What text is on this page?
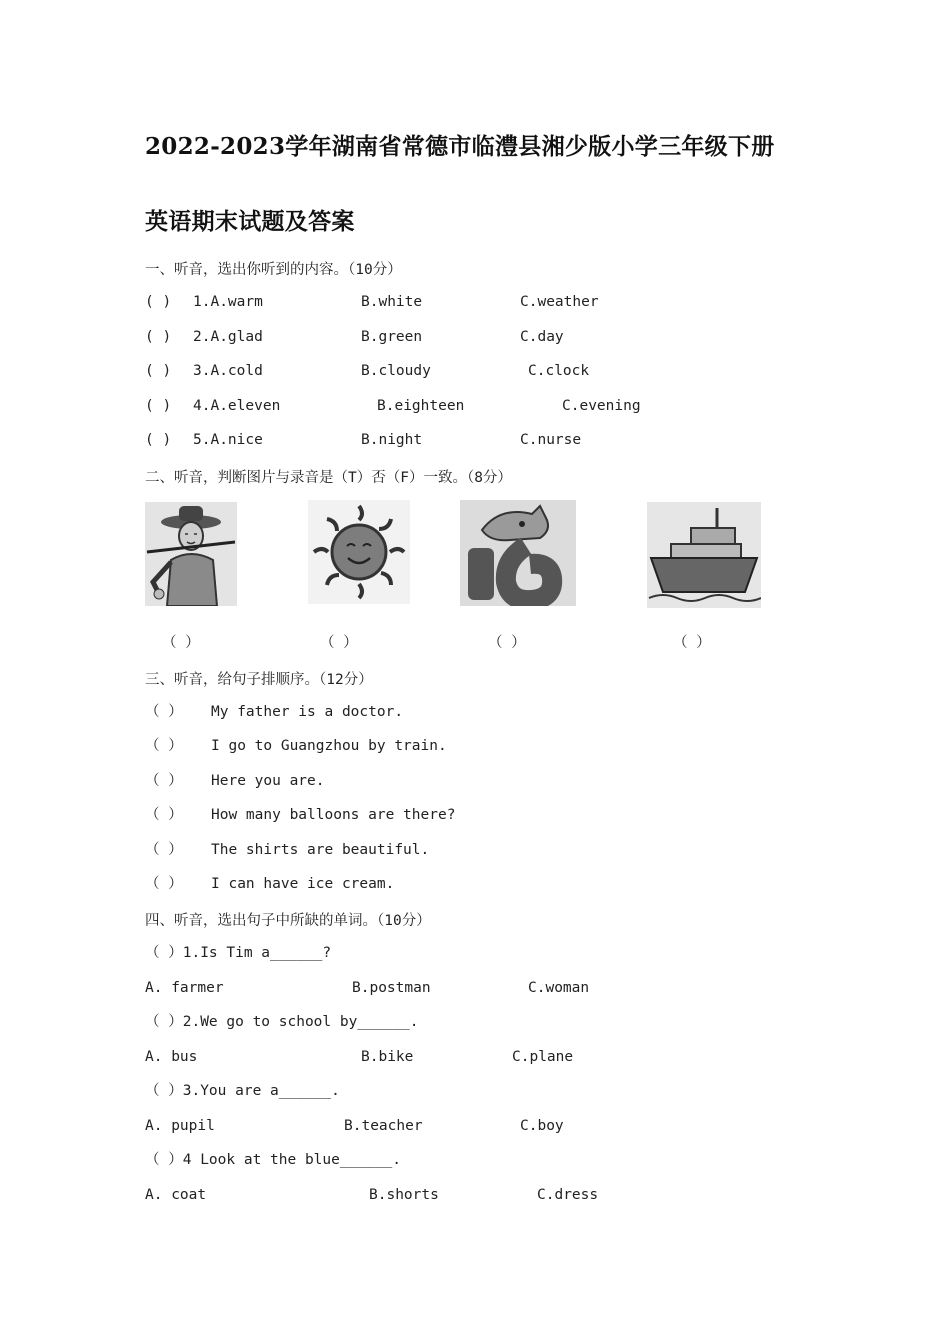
2022-2023学年湖南省常德市临澧县湘少版小学三年级下册
英语期末试题及答案
一、听音，选出你听到的内容。（10分）
( ) 1.A.warm	B.white	C.weather
( ) 2.A.glad	B.green	C.day
( ) 3.A.cold	B.cloudy	C.clock
( ) 4.A.eleven	B.eighteen	C.evening
( ) 5.A.nice	B.night	C.nurse
二、听音，判断图片与录音是（T）否（F）一致。（8分）
（ ）	（ ）	（ ）	（ ）
三、听音，给句子排顺序。（12分）
（ ） My father is a doctor.
（ ） I go to Guangzhou by train.
（ ） Here you are.
（ ） How many balloons are there?
（ ） The shirts are beautiful.
（ ） I can have ice cream.
四、听音，选出句子中所缺的单词。（10分）
（ ）1.Is Tim a______?
A. farmer	B.postman	C.woman
（ ）2.We go to school by______.
A. bus	B.bike	C.plane
（ ）3.You are a______.
A. pupil	B.teacher	C.boy
（ ）4 Look at the blue______.
A. coat	B.shorts	C.dress
